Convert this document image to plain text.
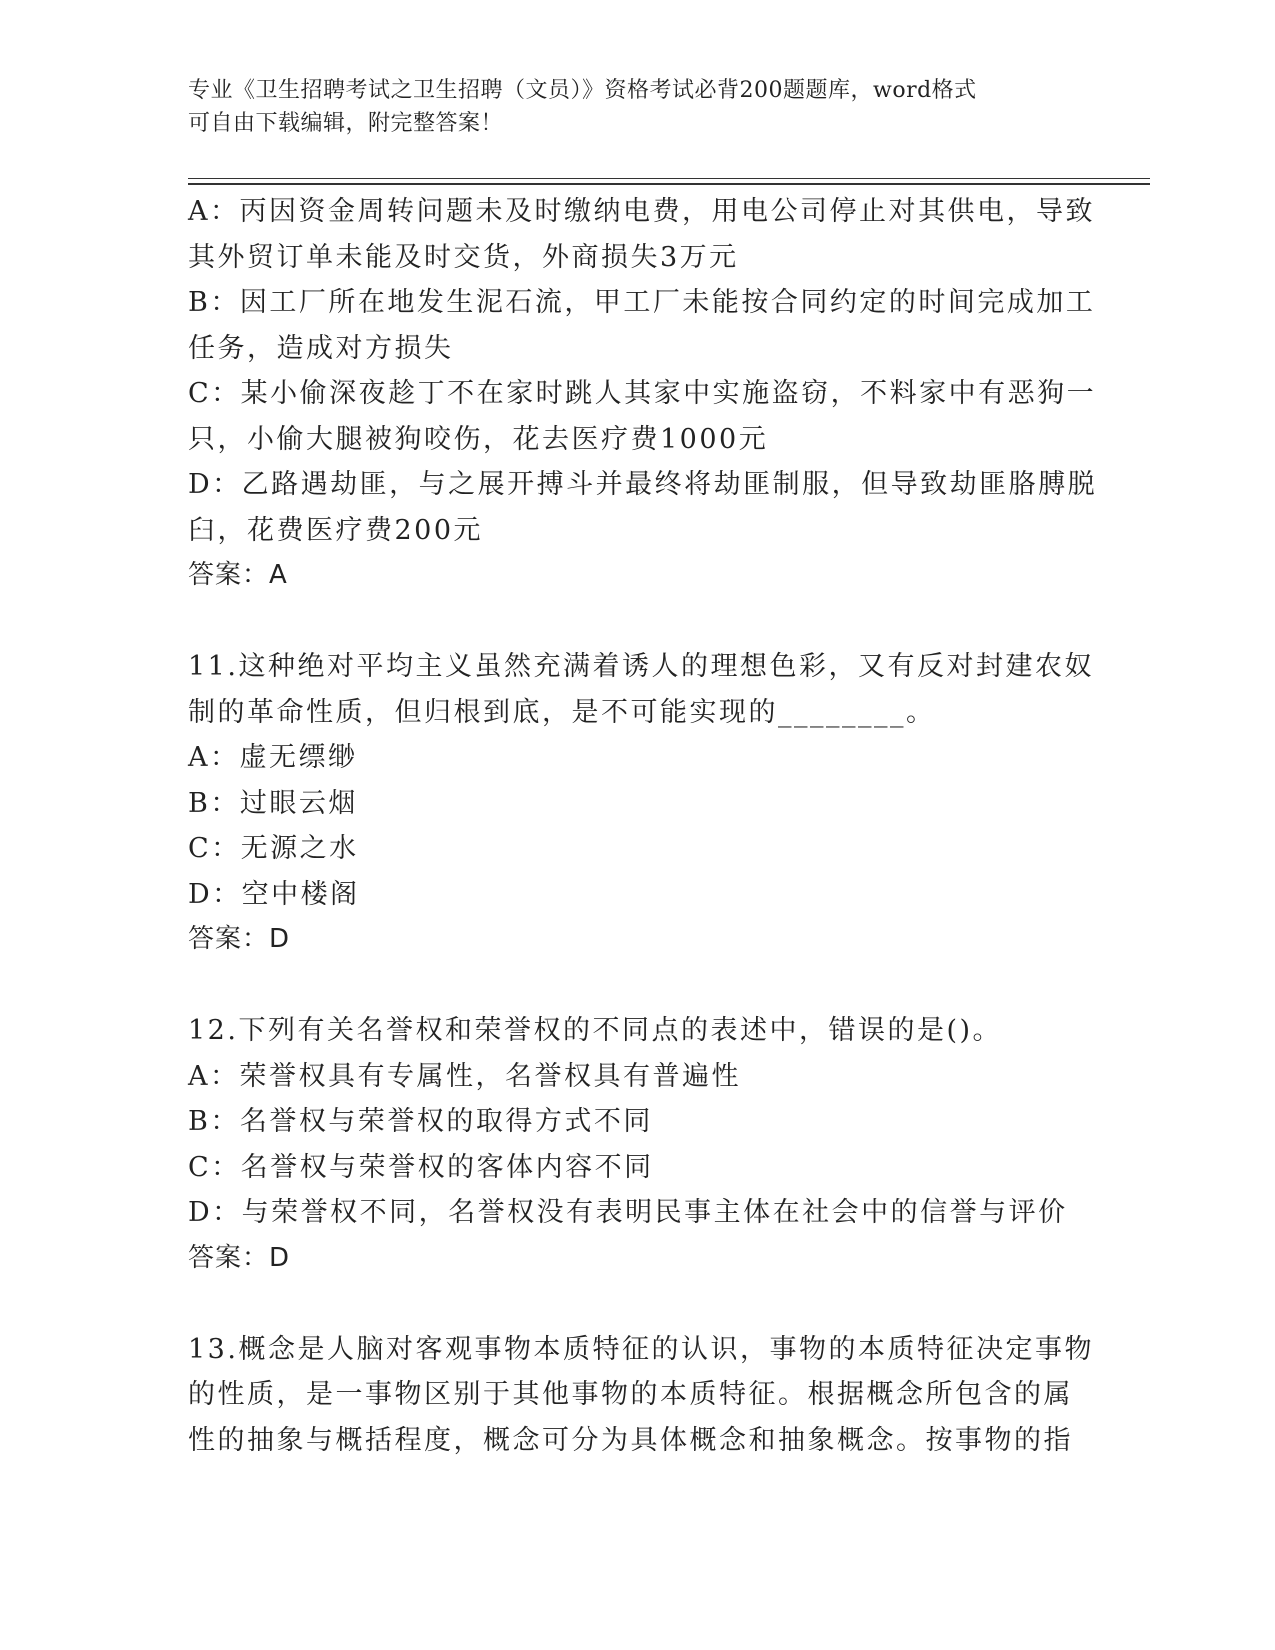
专业《卫生招聘考试之卫生招聘（文员）》资格考试必背200题题库，word格式
可自由下载编辑，附完整答案！
A：丙因资金周转问题未及时缴纳电费，用电公司停止对其供电，导致
其外贸订单未能及时交货，外商损失3万元
B：因工厂所在地发生泥石流，甲工厂未能按合同约定的时间完成加工
任务，造成对方损失
C：某小偷深夜趁丁不在家时跳人其家中实施盗窃，不料家中有恶狗一
只，小偷大腿被狗咬伤，花去医疗费1000元
D：乙路遇劫匪，与之展开搏斗并最终将劫匪制服，但导致劫匪胳膊脱
臼，花费医疗费200元
答案：A
11.这种绝对平均主义虽然充满着诱人的理想色彩，又有反对封建农奴
制的革命性质，但归根到底，是不可能实现的________。
A：虚无缥缈
B：过眼云烟
C：无源之水
D：空中楼阁
答案：D
12.下列有关名誉权和荣誉权的不同点的表述中，错误的是()。
A：荣誉权具有专属性，名誉权具有普遍性
B：名誉权与荣誉权的取得方式不同
C：名誉权与荣誉权的客体内容不同
D：与荣誉权不同，名誉权没有表明民事主体在社会中的信誉与评价
答案：D
13.概念是人脑对客观事物本质特征的认识，事物的本质特征决定事物
的性质，是一事物区别于其他事物的本质特征。根据概念所包含的属
性的抽象与概括程度，概念可分为具体概念和抽象概念。按事物的指
